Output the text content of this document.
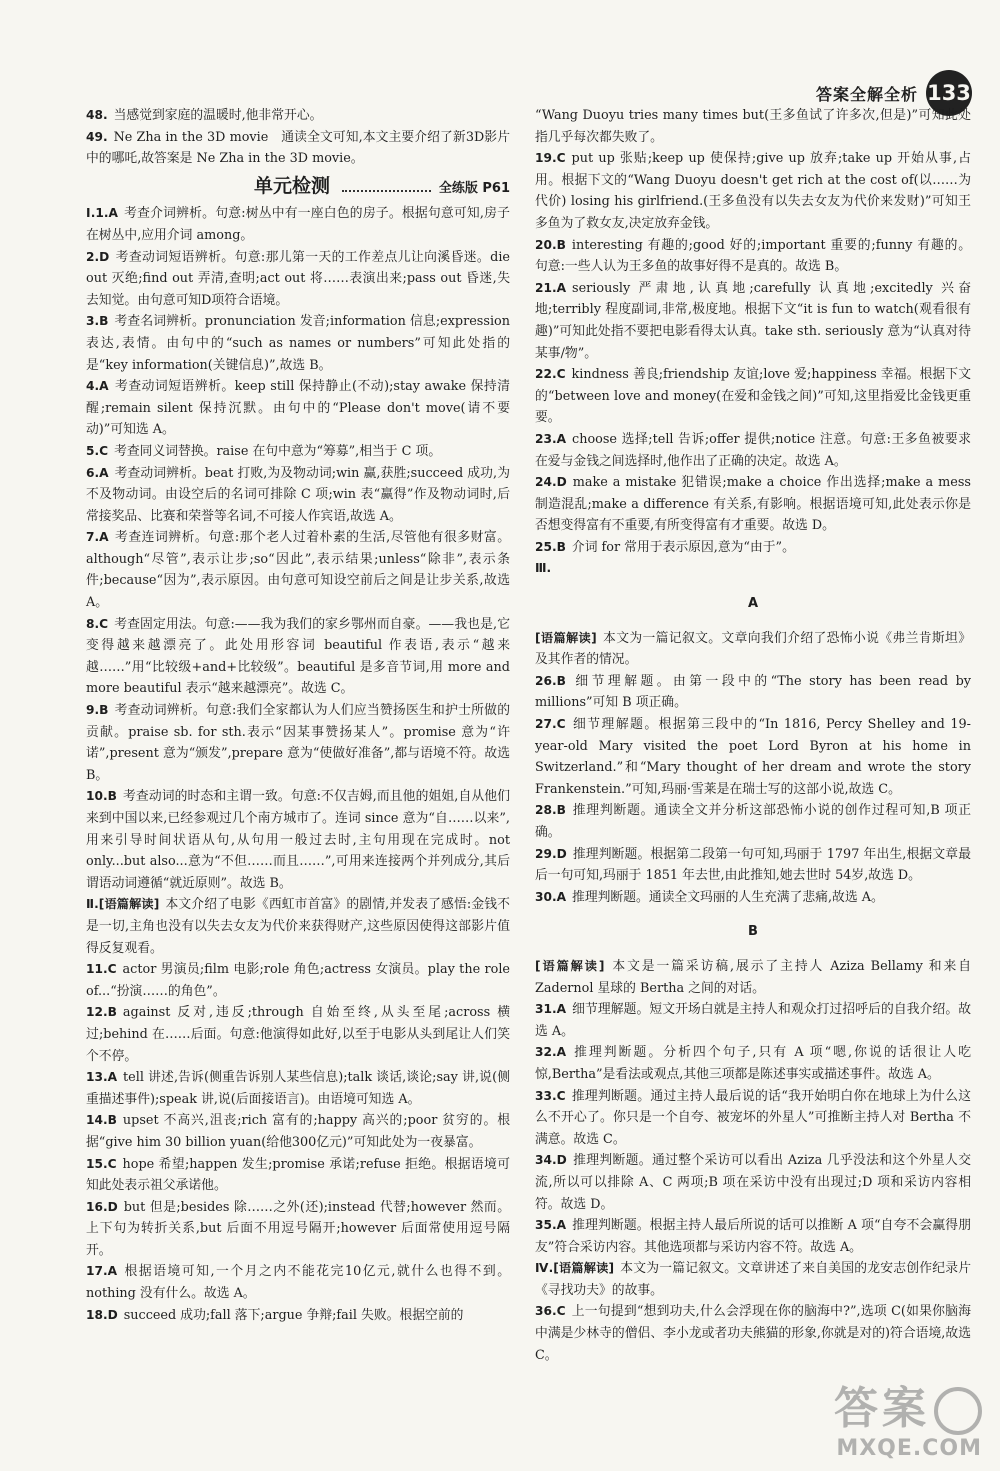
答案全解全析 133

48. 当感觉到家庭的温暖时,他非常开心。

49. Ne Zha in the 3D movie　通读全文可知,本文主要介绍了新3D影片中的哪吒,故答案是 Ne Zha in the 3D movie。

单元检测	全练版 P61

Ⅰ.1.A 考查介词辨析。句意:树丛中有一座白色的房子。根据句意可知,房子在树丛中,应用介词 among。

2.D 考查动词短语辨析。句意:那儿第一天的工作差点儿让向溪昏迷。die out 灭绝;find out 弄清,查明;act out 将……表演出来;pass out 昏迷,失去知觉。由句意可知D项符合语境。

3.B 考查名词辨析。pronunciation 发音;information 信息;expression 表达,表情。由句中的“such as names or numbers”可知此处指的是“key information(关键信息)”,故选 B。

4.A 考查动词短语辨析。keep still 保持静止(不动);stay awake 保持清醒;remain silent 保持沉默。由句中的“Please don't move(请不要动)”可知选 A。

5.C 考查同义词替换。raise 在句中意为“筹募”,相当于 C 项。

6.A 考查动词辨析。beat 打败,为及物动词;win 赢,获胜;succeed 成功,为不及物动词。由设空后的名词可排除 C 项;win 表“赢得”作及物动词时,后常接奖品、比赛和荣誉等名词,不可接人作宾语,故选 A。

7.A 考查连词辨析。句意:那个老人过着朴素的生活,尽管他有很多财富。although“尽管”,表示让步;so“因此”,表示结果;unless“除非”,表示条件;because“因为”,表示原因。由句意可知设空前后之间是让步关系,故选 A。

8.C 考查固定用法。句意:——我为我们的家乡鄂州而自豪。——我也是,它变得越来越漂亮了。此处用形容词 beautiful 作表语,表示“越来越……”用“比较级+and+比较级”。beautiful 是多音节词,用 more and more beautiful 表示“越来越漂亮”。故选 C。

9.B 考查动词辨析。句意:我们全家都认为人们应当赞扬医生和护士所做的贡献。praise sb. for sth.表示“因某事赞扬某人”。promise 意为“许诺”,present 意为“颁发”,prepare 意为“使做好准备”,都与语境不符。故选 B。

10.B 考查动词的时态和主谓一致。句意:不仅吉姆,而且他的姐姐,自从他们来到中国以来,已经参观过几个南方城市了。连词 since 意为“自……以来”,用来引导时间状语从句,从句用一般过去时,主句用现在完成时。not only...but also...意为“不但……而且……”,可用来连接两个并列成分,其后谓语动词遵循“就近原则”。故选 B。

Ⅱ.[语篇解读] 本文介绍了电影《西虹市首富》的剧情,并发表了感悟:金钱不是一切,主角也没有以失去女友为代价来获得财产,这些原因使得这部影片值得反复观看。

11.C actor 男演员;film 电影;role 角色;actress 女演员。play the role of...“扮演……的角色”。

12.B against 反对,违反;through 自始至终,从头至尾;across 横过;behind 在……后面。句意:他演得如此好,以至于电影从头到尾让人们笑个不停。

13.A tell 讲述,告诉(侧重告诉别人某些信息);talk 谈话,谈论;say 讲,说(侧重描述事件);speak 讲,说(后面接语言)。由语境可知选 A。

14.B upset 不高兴,沮丧;rich 富有的;happy 高兴的;poor 贫穷的。根据“give him 30 billion yuan(给他300亿元)”可知此处为一夜暴富。

15.C hope 希望;happen 发生;promise 承诺;refuse 拒绝。根据语境可知此处表示祖父承诺他。

16.D but 但是;besides 除……之外(还);instead 代替;however 然而。上下句为转折关系,but 后面不用逗号隔开;however 后面常使用逗号隔开。

17.A 根据语境可知,一个月之内不能花完10亿元,就什么也得不到。nothing 没有什么。故选 A。

18.D succeed 成功;fall 落下;argue 争辩;fail 失败。根据空前的

“Wang Duoyu tries many times but(王多鱼试了许多次,但是)”可知此处指几乎每次都失败了。

19.C put up 张贴;keep up 使保持;give up 放弃;take up 开始从事,占用。根据下文的“Wang Duoyu doesn't get rich at the cost of(以……为代价) losing his girlfriend.(王多鱼没有以失去女友为代价来发财)”可知王多鱼为了救女友,决定放弃金钱。

20.B interesting 有趣的;good 好的;important 重要的;funny 有趣的。句意:一些人认为王多鱼的故事好得不是真的。故选 B。

21.A seriously 严肃地,认真地;carefully 认真地;excitedly 兴奋地;terribly 程度副词,非常,极度地。根据下文“it is fun to watch(观看很有趣)”可知此处指不要把电影看得太认真。take sth. seriously 意为“认真对待某事/物”。

22.C kindness 善良;friendship 友谊;love 爱;happiness 幸福。根据下文的“between love and money(在爱和金钱之间)”可知,这里指爱比金钱更重要。

23.A choose 选择;tell 告诉;offer 提供;notice 注意。句意:王多鱼被要求在爱与金钱之间选择时,他作出了正确的决定。故选 A。

24.D make a mistake 犯错误;make a choice 作出选择;make a mess 制造混乱;make a difference 有关系,有影响。根据语境可知,此处表示你是否想变得富有不重要,有所变得富有才重要。故选 D。

25.B 介词 for 常用于表示原因,意为“由于”。

Ⅲ.

A

[语篇解读] 本文为一篇记叙文。文章向我们介绍了恐怖小说《弗兰肯斯坦》及其作者的情况。

26.B 细节理解题。由第一段中的“The story has been read by millions”可知 B 项正确。

27.C 细节理解题。根据第三段中的“In 1816, Percy Shelley and 19-year-old Mary visited the poet Lord Byron at his home in Switzerland.”和“Mary thought of her dream and wrote the story Frankenstein.”可知,玛丽·雪莱是在瑞士写的这部小说,故选 C。

28.B 推理判断题。通读全文并分析这部恐怖小说的创作过程可知,B 项正确。

29.D 推理判断题。根据第二段第一句可知,玛丽于 1797 年出生,根据文章最后一句可知,玛丽于 1851 年去世,由此推知,她去世时 54岁,故选 D。

30.A 推理判断题。通读全文玛丽的人生充满了悲痛,故选 A。

B

[语篇解读] 本文是一篇采访稿,展示了主持人 Aziza Bellamy 和来自 Zadernol 星球的 Bertha 之间的对话。

31.A 细节理解题。短文开场白就是主持人和观众打过招呼后的自我介绍。故选 A。

32.A 推理判断题。分析四个句子,只有 A 项“嗯,你说的话很让人吃惊,Bertha”是看法或观点,其他三项都是陈述事实或描述事件。故选 A。

33.C 推理判断题。通过主持人最后说的话“我开始明白你在地球上为什么这么不开心了。你只是一个自夸、被宠坏的外星人”可推断主持人对 Bertha 不满意。故选 C。

34.D 推理判断题。通过整个采访可以看出 Aziza 几乎没法和这个外星人交流,所以可以排除 A、C 两项;B 项在采访中没有出现过;D 项和采访内容相符。故选 D。

35.A 推理判断题。根据主持人最后所说的话可以推断 A 项“自夸不会赢得朋友”符合采访内容。其他选项都与采访内容不符。故选 A。

Ⅳ.[语篇解读] 本文为一篇记叙文。文章讲述了来自美国的龙安志创作纪录片《寻找功夫》的故事。

36.C 上一句提到“想到功夫,什么会浮现在你的脑海中?”,选项 C(如果你脑海中满是少林寺的僧侣、李小龙或者功夫熊猫的形象,你就是对的)符合语境,故选 C。

答案
MXQE.COM
